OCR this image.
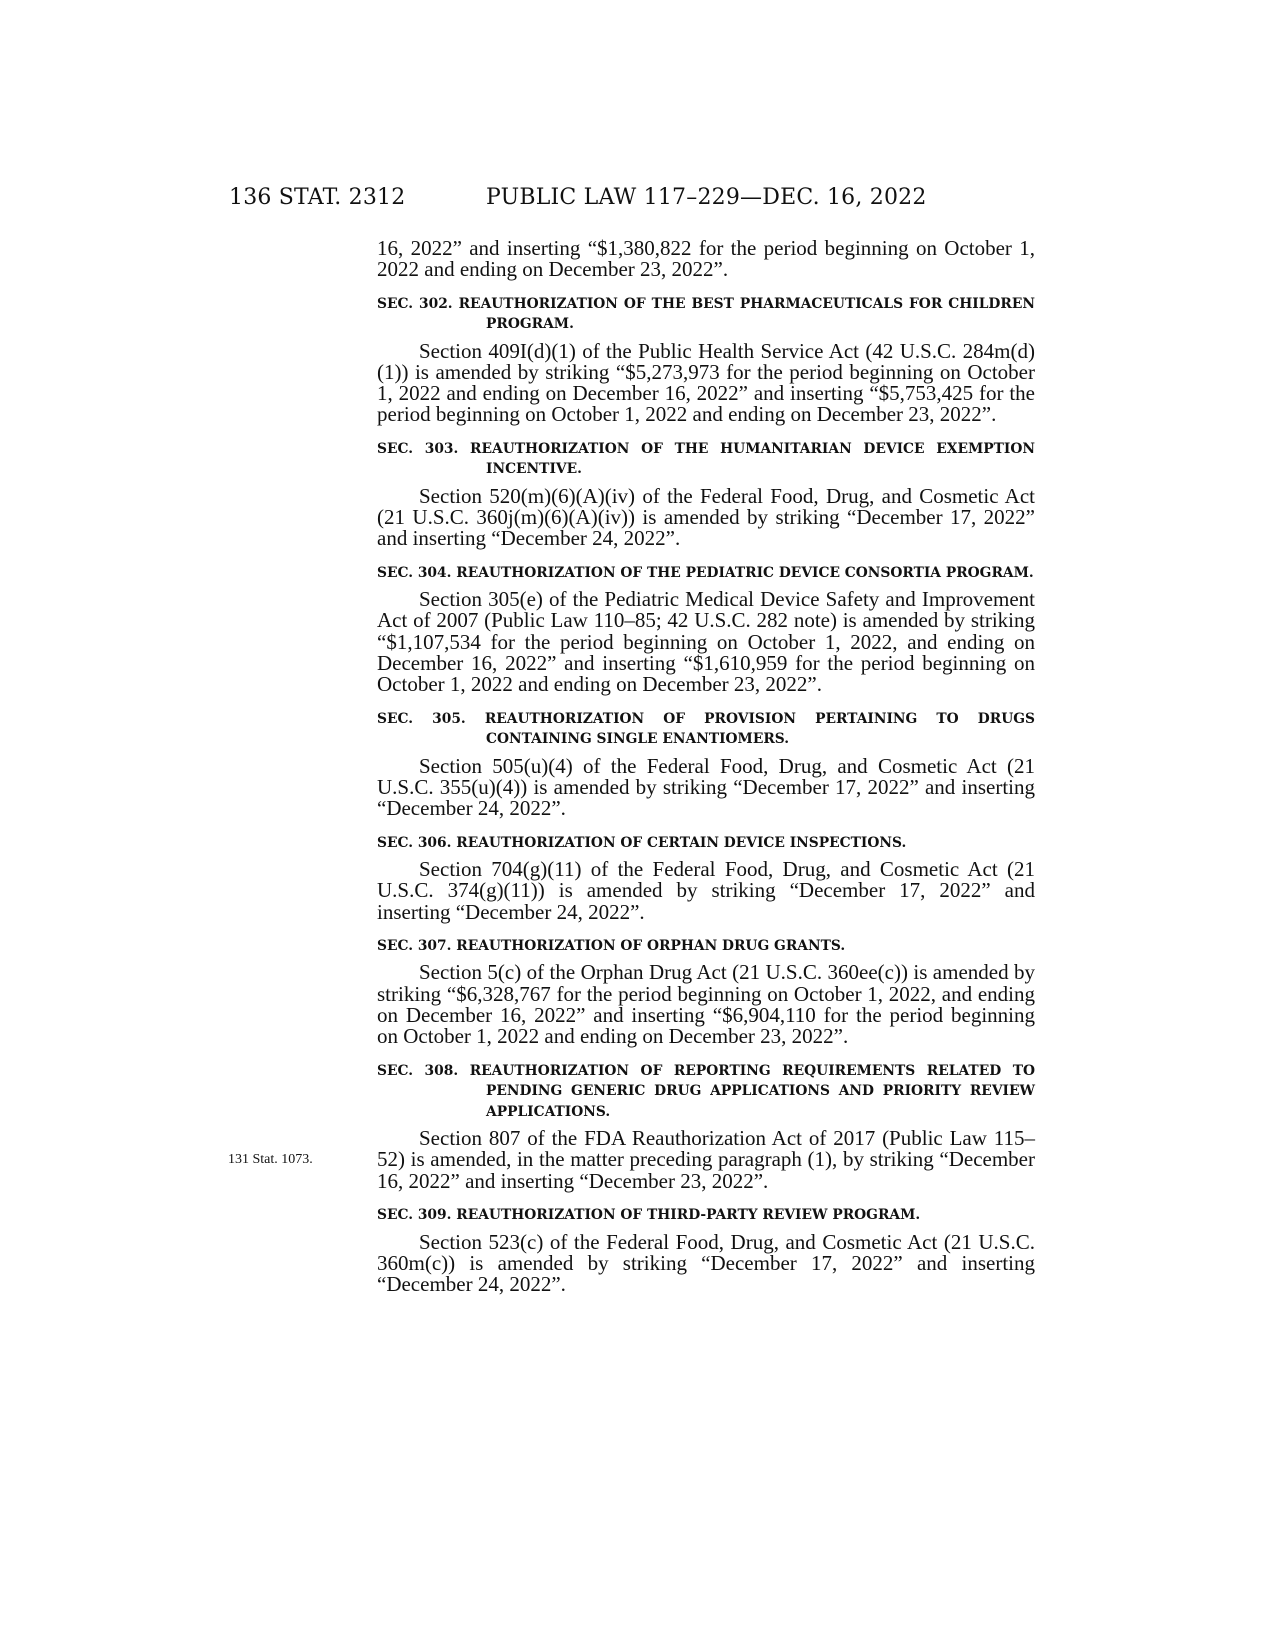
136 STAT. 2312	PUBLIC LAW 117–229—DEC. 16, 2022

16, 2022” and inserting “$1,380,822 for the period beginning on October 1, 2022 and ending on December 23, 2022”.

SEC. 302. REAUTHORIZATION OF THE BEST PHARMACEUTICALS FOR CHILDREN PROGRAM.

Section 409I(d)(1) of the Public Health Service Act (42 U.S.C. 284m(d)(1)) is amended by striking “$5,273,973 for the period beginning on October 1, 2022 and ending on December 16, 2022” and inserting “$5,753,425 for the period beginning on October 1, 2022 and ending on December 23, 2022”.

SEC. 303. REAUTHORIZATION OF THE HUMANITARIAN DEVICE EXEMPTION INCENTIVE.

Section 520(m)(6)(A)(iv) of the Federal Food, Drug, and Cosmetic Act (21 U.S.C. 360j(m)(6)(A)(iv)) is amended by striking “December 17, 2022” and inserting “December 24, 2022”.

SEC. 304. REAUTHORIZATION OF THE PEDIATRIC DEVICE CONSORTIA PROGRAM.

Section 305(e) of the Pediatric Medical Device Safety and Improvement Act of 2007 (Public Law 110–85; 42 U.S.C. 282 note) is amended by striking “$1,107,534 for the period beginning on October 1, 2022, and ending on December 16, 2022” and inserting “$1,610,959 for the period beginning on October 1, 2022 and ending on December 23, 2022”.

SEC. 305. REAUTHORIZATION OF PROVISION PERTAINING TO DRUGS CONTAINING SINGLE ENANTIOMERS.

Section 505(u)(4) of the Federal Food, Drug, and Cosmetic Act (21 U.S.C. 355(u)(4)) is amended by striking “December 17, 2022” and inserting “December 24, 2022”.

SEC. 306. REAUTHORIZATION OF CERTAIN DEVICE INSPECTIONS.

Section 704(g)(11) of the Federal Food, Drug, and Cosmetic Act (21 U.S.C. 374(g)(11)) is amended by striking “December 17, 2022” and inserting “December 24, 2022”.

SEC. 307. REAUTHORIZATION OF ORPHAN DRUG GRANTS.

Section 5(c) of the Orphan Drug Act (21 U.S.C. 360ee(c)) is amended by striking “$6,328,767 for the period beginning on October 1, 2022, and ending on December 16, 2022” and inserting “$6,904,110 for the period beginning on October 1, 2022 and ending on December 23, 2022”.

SEC. 308. REAUTHORIZATION OF REPORTING REQUIREMENTS RELATED TO PENDING GENERIC DRUG APPLICATIONS AND PRIORITY REVIEW APPLICATIONS.

Section 807 of the FDA Reauthorization Act of 2017 (Public Law 115–52) is amended, in the matter preceding paragraph (1), by striking “December 16, 2022” and inserting “December 23, 2022”.

SEC. 309. REAUTHORIZATION OF THIRD-PARTY REVIEW PROGRAM.

Section 523(c) of the Federal Food, Drug, and Cosmetic Act (21 U.S.C. 360m(c)) is amended by striking “December 17, 2022” and inserting “December 24, 2022”.

131 Stat. 1073.
